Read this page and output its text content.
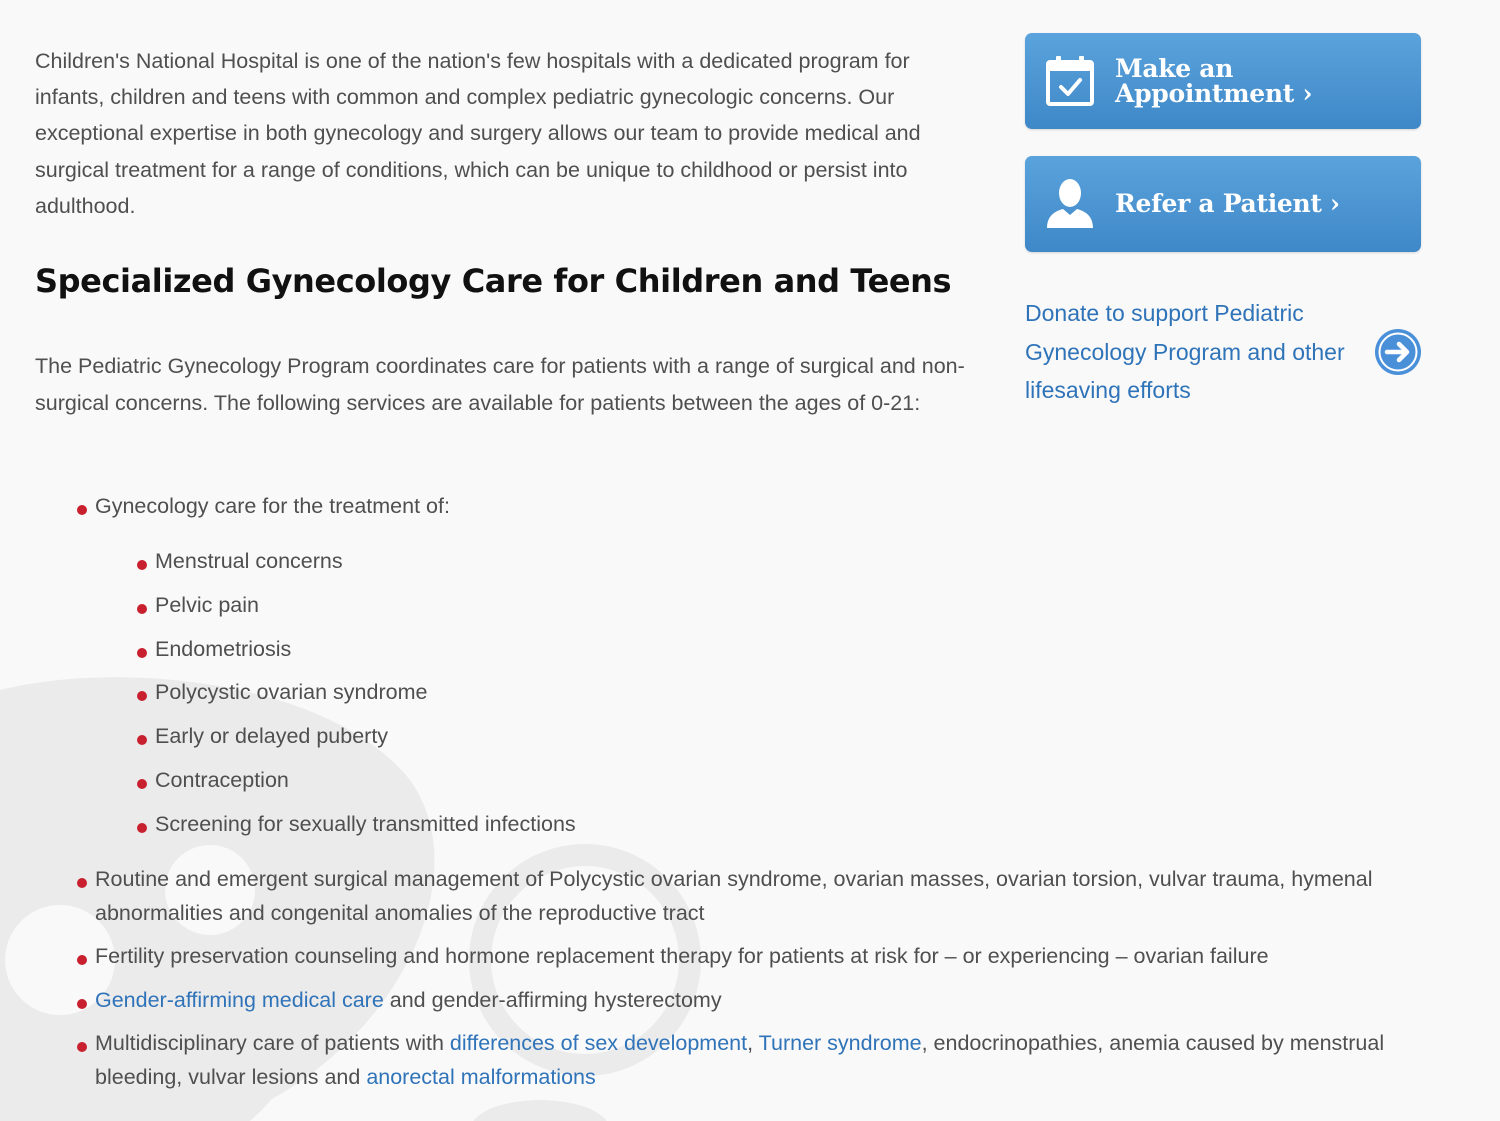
Children's National Hospital is one of the nation's few hospitals with a dedicated program for infants, children and teens with common and complex pediatric gynecologic concerns. Our exceptional expertise in both gynecology and surgery allows our team to provide medical and surgical treatment for a range of conditions, which can be unique to childhood or persist into adulthood.

Specialized Gynecology Care for Children and Teens

The Pediatric Gynecology Program coordinates care for patients with a range of surgical and non-surgical concerns. The following services are available for patients between the ages of 0-21:

Gynecology care for the treatment of:
Menstrual concerns
Pelvic pain
Endometriosis
Polycystic ovarian syndrome
Early or delayed puberty
Contraception
Screening for sexually transmitted infections
Routine and emergent surgical management of Polycystic ovarian syndrome, ovarian masses, ovarian torsion, vulvar trauma, hymenal abnormalities and congenital anomalies of the reproductive tract
Fertility preservation counseling and hormone replacement therapy for patients at risk for – or experiencing – ovarian failure
Gender-affirming medical care and gender-affirming hysterectomy
Multidisciplinary care of patients with differences of sex development, Turner syndrome, endocrinopathies, anemia caused by menstrual bleeding, vulvar lesions and anorectal malformations
Make an
Appointment ›
Refer a Patient ›
Donate to support Pediatric Gynecology Program and other lifesaving efforts
